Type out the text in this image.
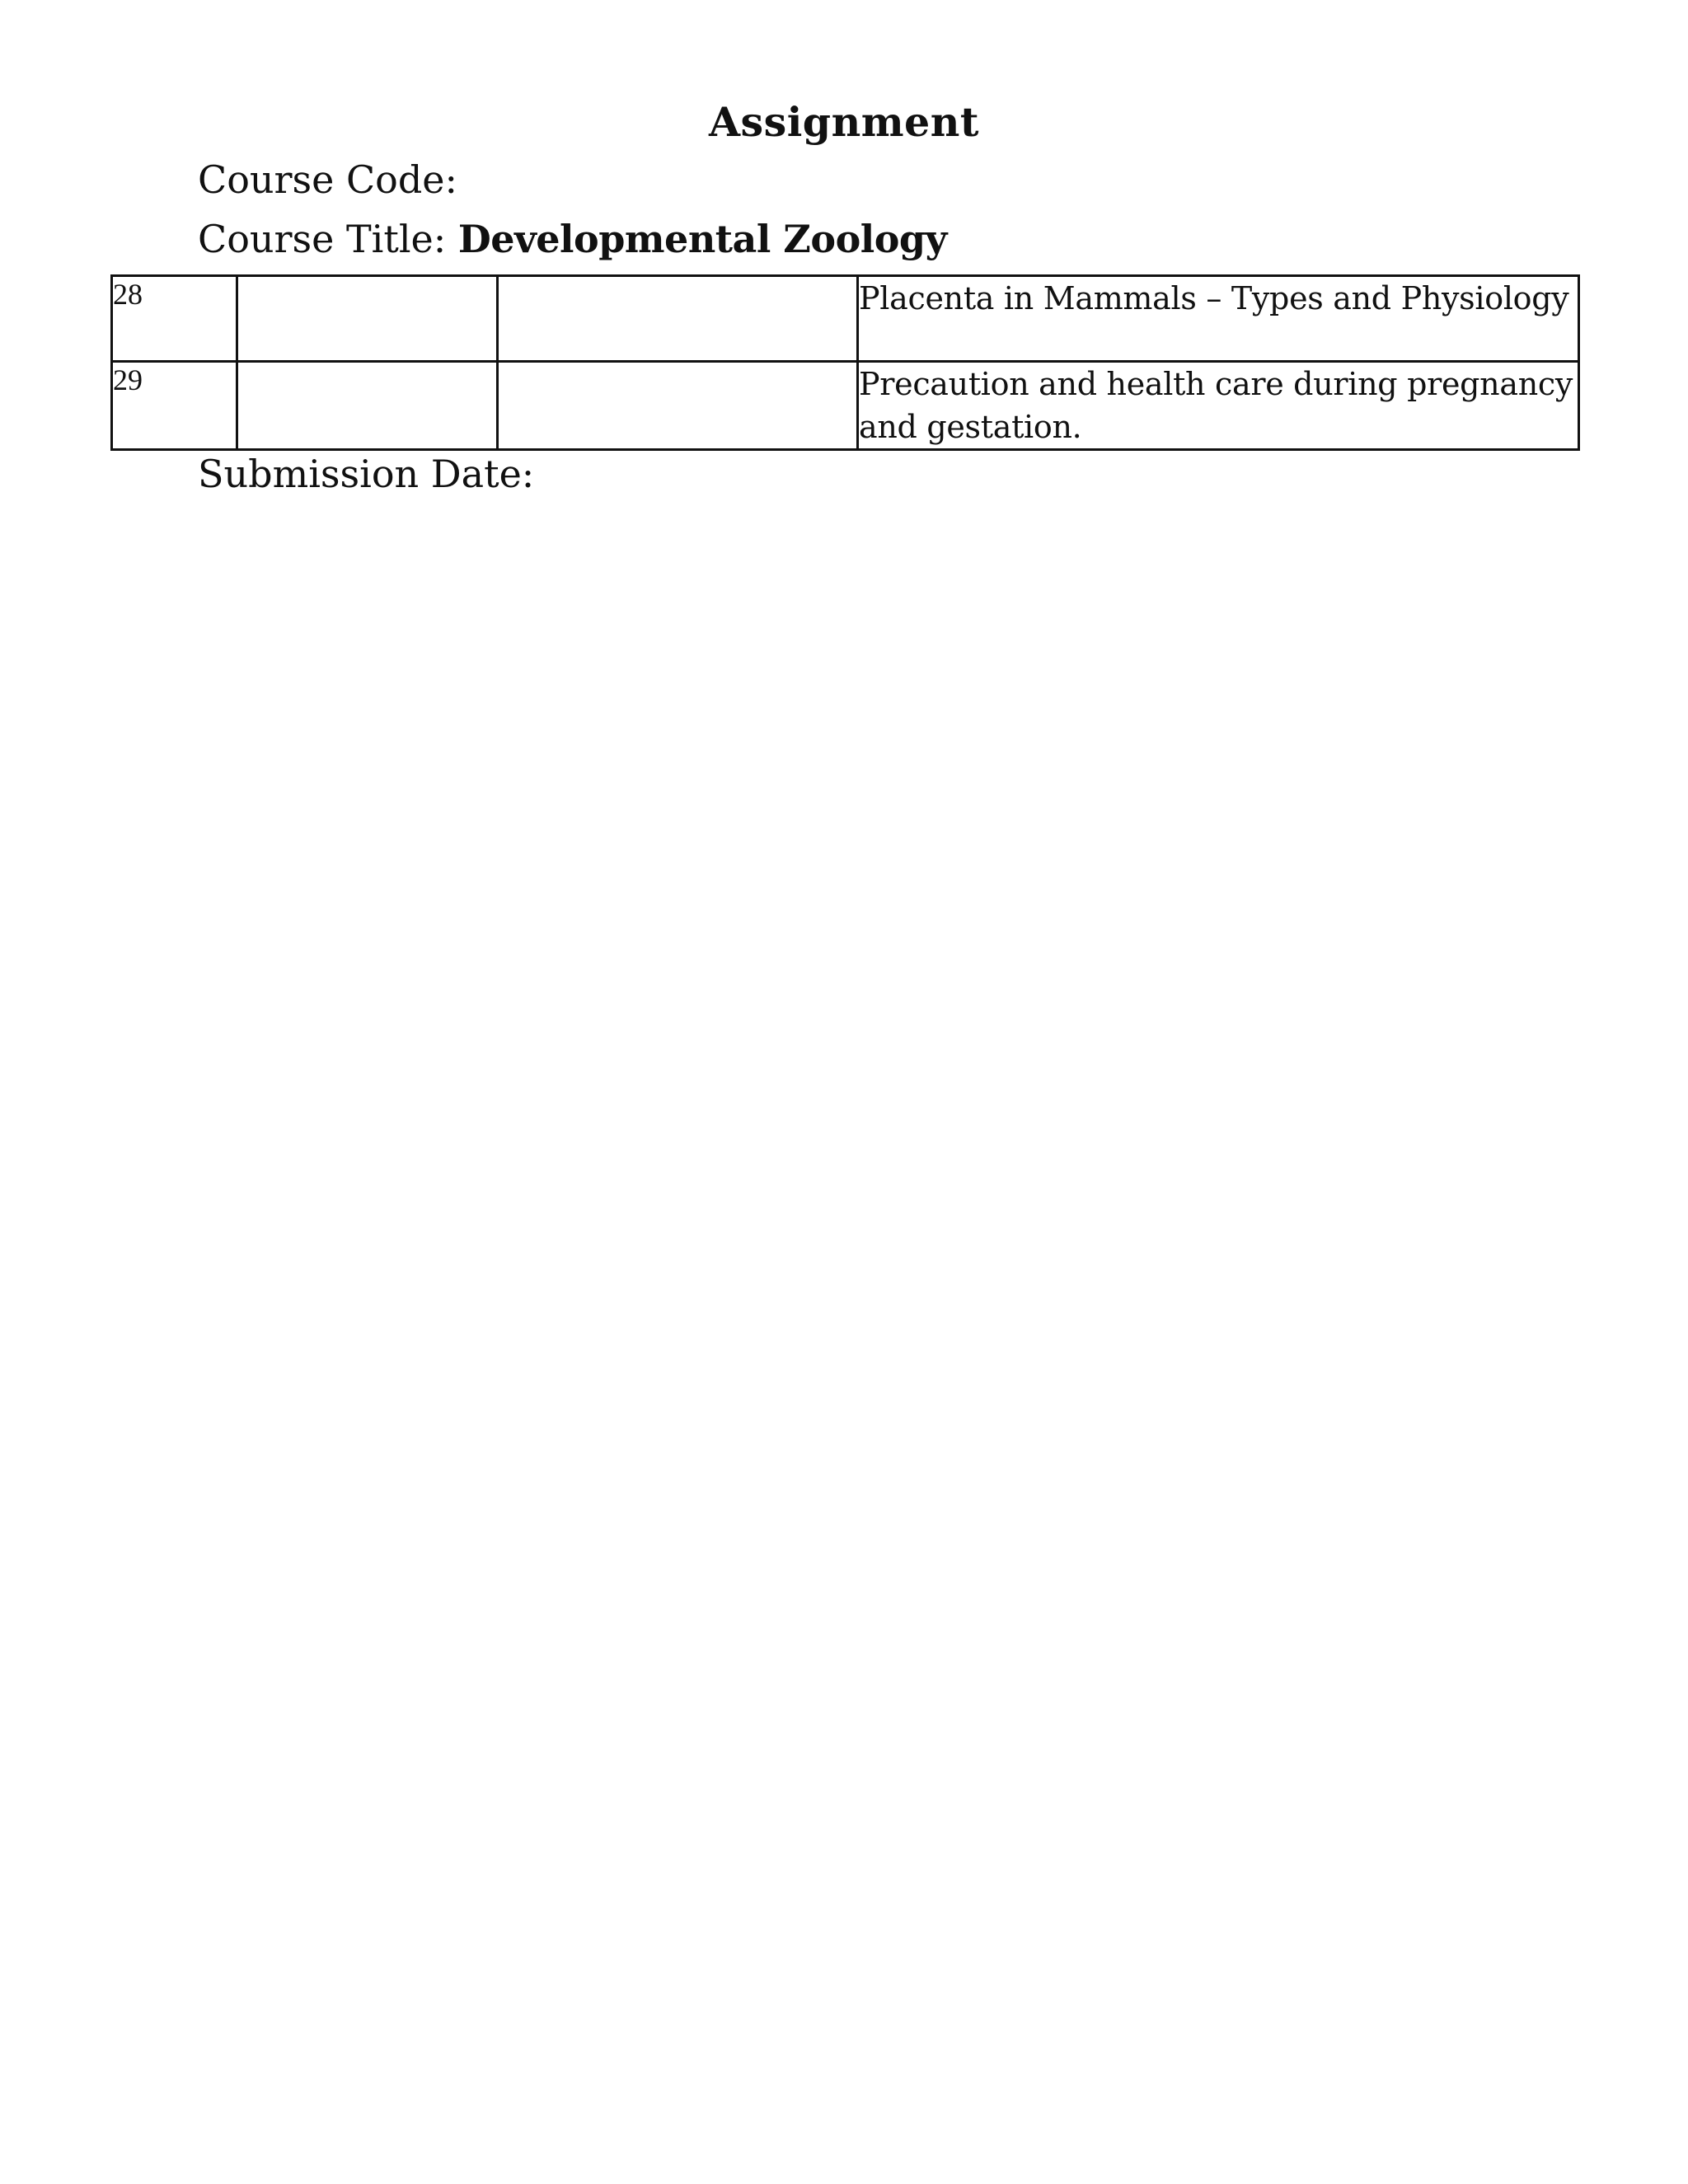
Assignment
Course Code:
Course Title: Developmental Zoology
28			Placenta in Mammals – Types and Physiology
29			Precaution and health care during pregnancy and gestation.
Submission Date:
